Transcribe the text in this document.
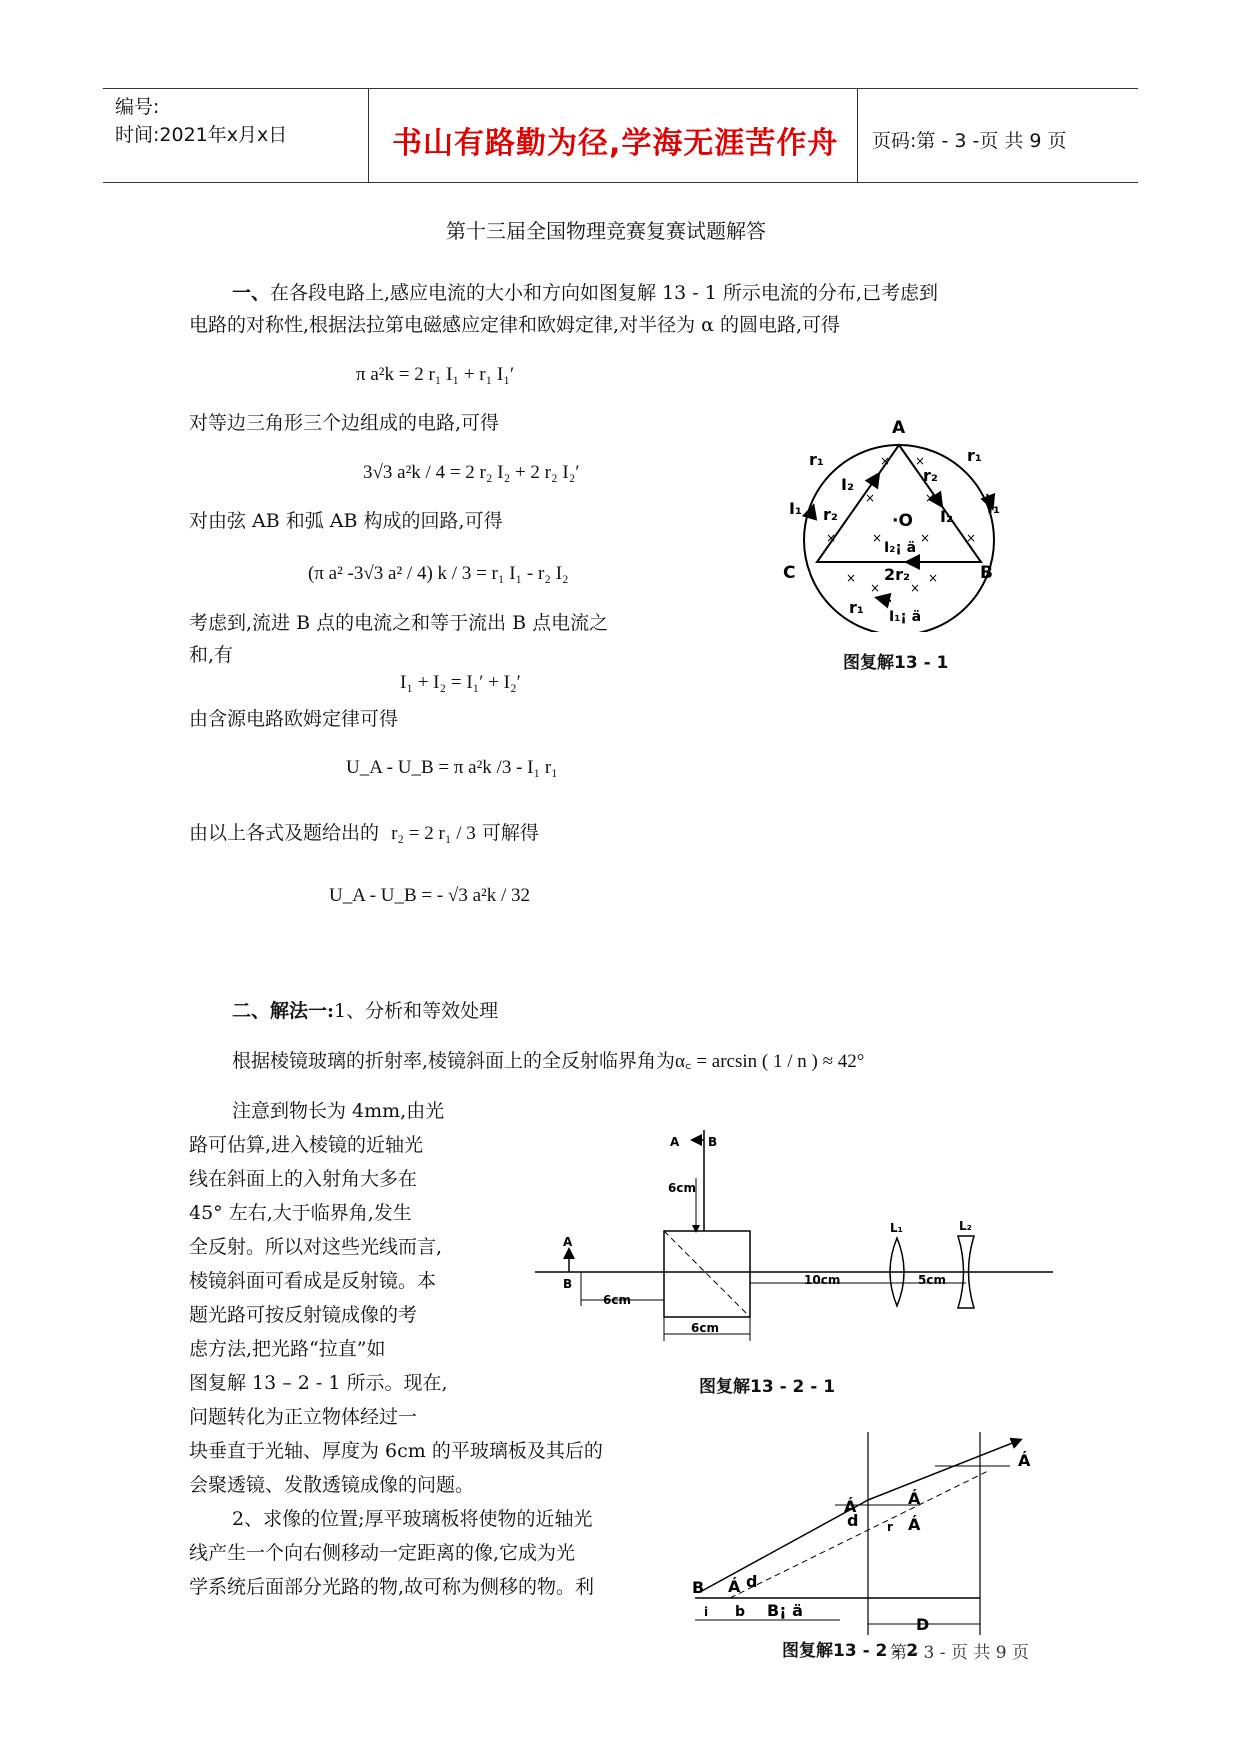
编号:
时间:2021年x月x日	书山有路勤为径,学海无涯苦作舟 页码:第 - 3 -页 共 9 页
第十三届全国物理竞赛复赛试题解答
一、在各段电路上,感应电流的大小和方向如图复解 13 - 1 所示电流的分布,已考虑到
电路的对称性,根据法拉第电磁感应定律和欧姆定律,对半径为 α 的圆电路,可得
π a²k = 2 r₁ I₁ + r₁ I₁′
对等边三角形三个边组成的电路,可得
3√3 a²k / 4 = 2 r₂ I₂ + 2 r₂ I₂′
对由弦 AB 和弧 AB 构成的回路,可得
(π a² -3√3 a² / 4) k / 3 = r₁ I₁ - r₂ I₂
考虑到,流进 B 点的电流之和等于流出 B 点电流之
和,有
I₁ + I₂ = I₁′ + I₂′
由含源电路欧姆定律可得
U_A - U_B = π a²k /3 - I₁ r₁
由以上各式及题给出的 r₂ = 2 r₁ / 3 可解得
U_A - U_B = - √3 a²k / 32
A
C	B
·O
r₁	r₁
I₂	r₂
I₁	I₁
r₂	I₂
I₂¡ ä
2r₂
r₁ I₁¡ ä
× ×
×	×
×	×	×	×
×
×
×
×
图复解13 - 1
二、解法一:1、分析和等效处理
根据棱镜玻璃的折射率,棱镜斜面上的全反射临界角为α꜀ = arcsin ( 1 / n ) ≈ 42°
注意到物长为 4mm,由光
路可估算,进入棱镜的近轴光
线在斜面上的入射角大多在
45° 左右,大于临界角,发生
全反射。所以对这些光线而言,
棱镜斜面可看成是反射镜。本
题光路可按反射镜成像的考
虑方法,把光路“拉直”如
图复解 13 – 2 - 1 所示。现在,
问题转化为正立物体经过一
块垂直于光轴、厚度为 6cm 的平玻璃板及其后的
会聚透镜、发散透镜成像的问题。
2、求像的位置;厚平玻璃板将使物的近轴光
线产生一个向右侧移动一定距离的像,它成为光
学系统后面部分光路的物,故可称为侧移的物。利
A B
6cm
A
B
6cm
6cm
10cm
L₁
5cm
L₂
图复解13 - 2 - 1
B Á d
B¡ ä
b
i
Á
d
Á
Á
r
Á
D
图复解13 - 2 - 2
第 - 3 - 页 共 9 页
